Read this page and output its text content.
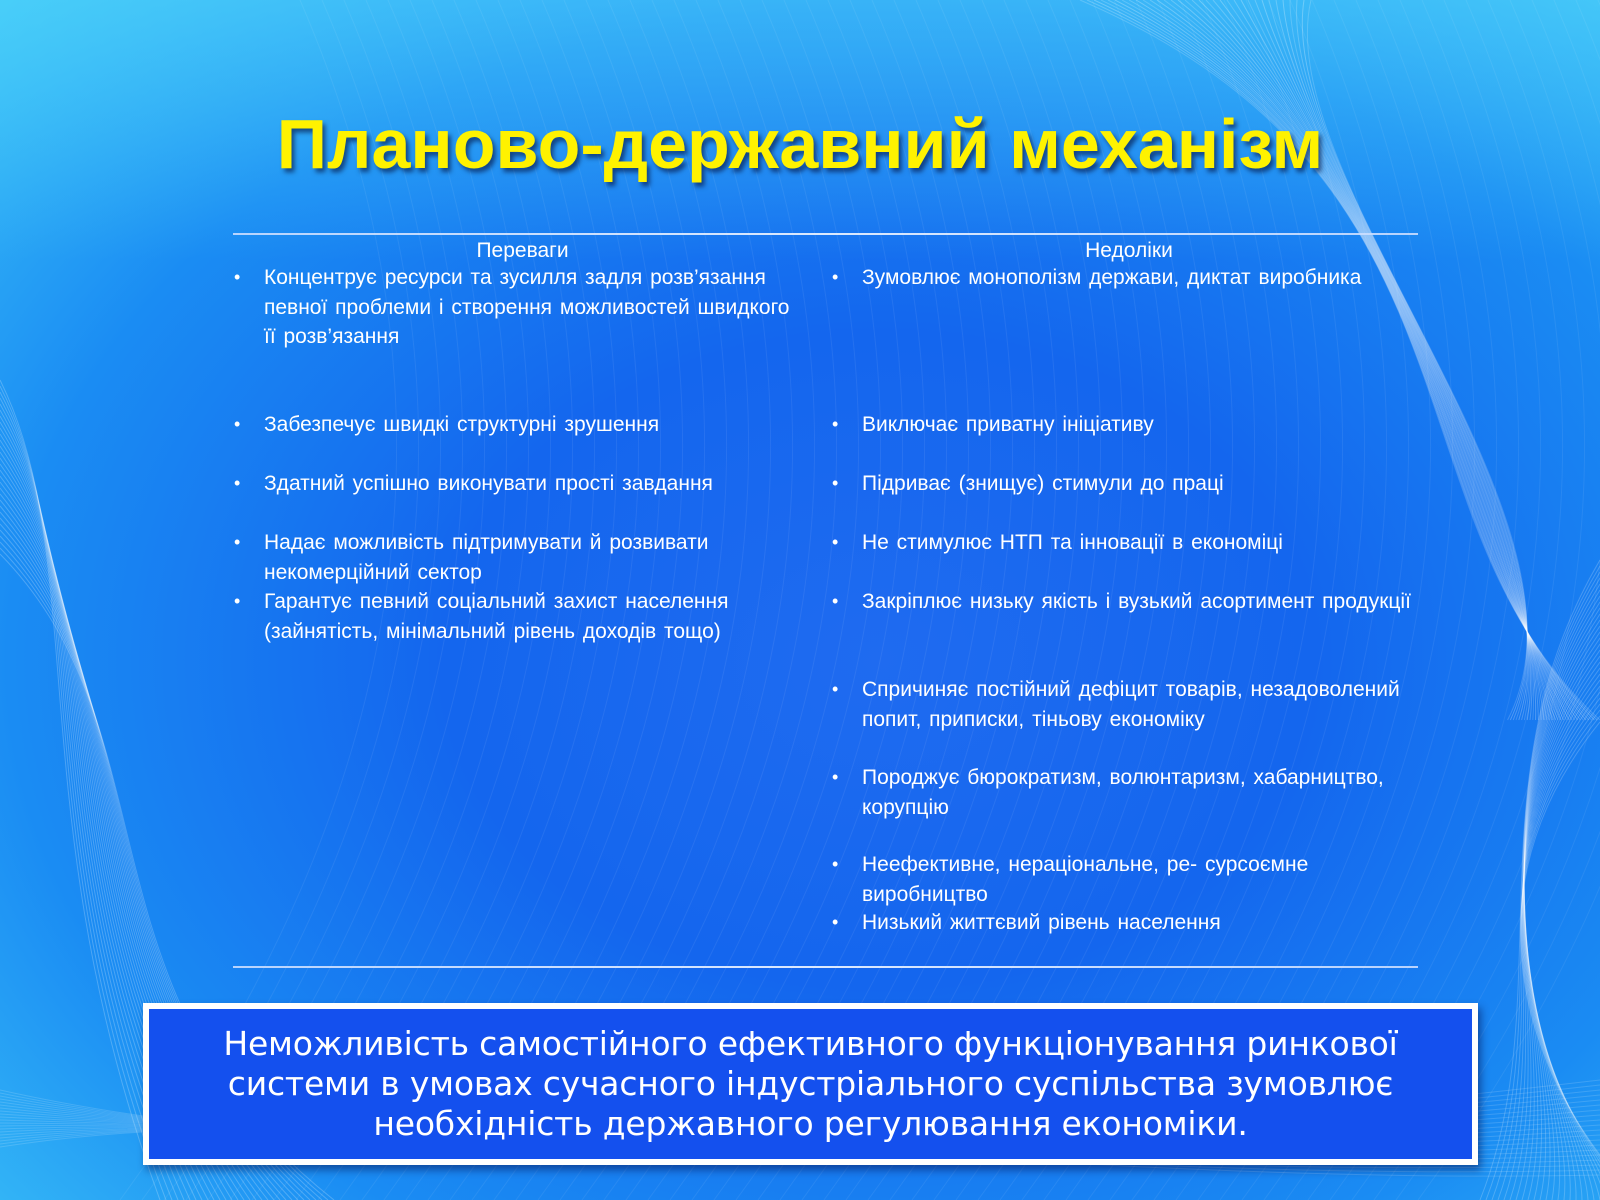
Планово-державний механізм
Переваги
• Концентрує ресурси та зусилля задля розв’язання певної проблеми і створення можливостей швидкого її розв’язання
• Забезпечує швидкі структурні зрушення
• Здатний успішно виконувати прості завдання
• Надає можливість підтримувати й розвивати некомерційний сектор
• Гарантує певний соціальний захист населення (зайнятість, мінімальний рівень доходів тощо)
Недоліки
• Зумовлює монополізм держави, диктат виробника
• Виключає приватну ініціативу
• Підриває (знищує) стимули до праці
• Не стимулює НТП та інновації в економіці
• Закріплює низьку якість і вузький асортимент продукції
• Спричиняє постійний дефіцит товарів, незадоволений попит, приписки, тіньову економіку
• Породжує бюрократизм, волюнтаризм, хабарництво, корупцію
• Неефективне, нераціональне, ре- сурсоємне виробництво
• Низький життєвий рівень населення
Неможливість самостійного ефективного функціонування ринкової системи в умовах сучасного індустріального суспільства зумовлює необхідність державного регулювання економіки.
